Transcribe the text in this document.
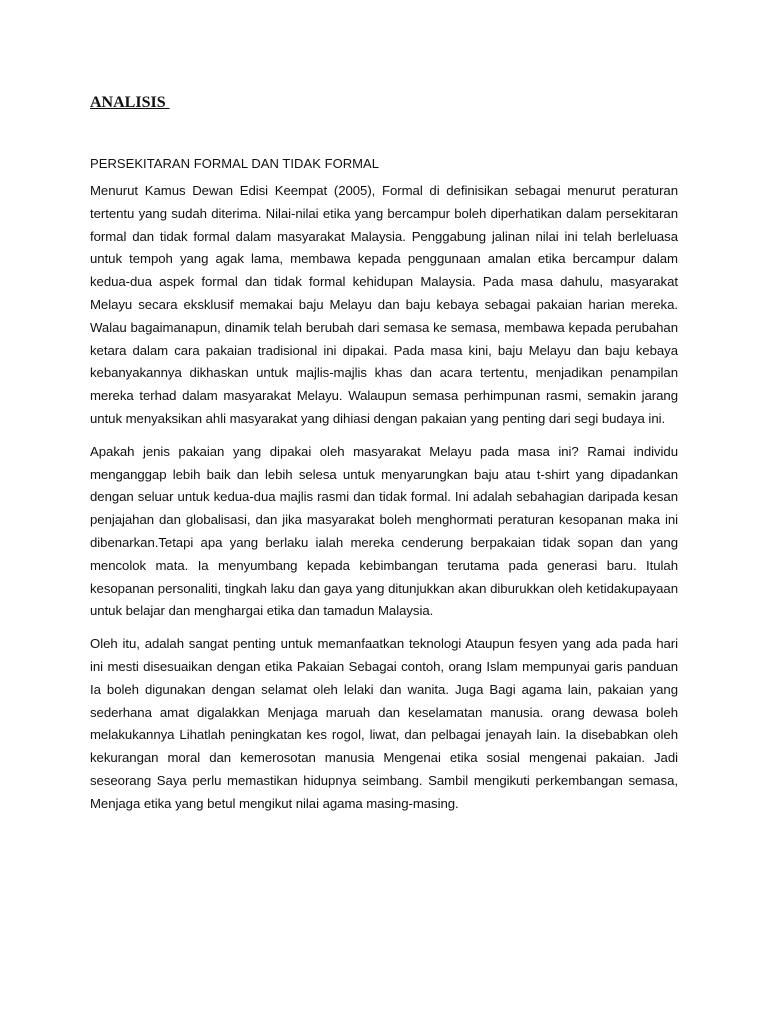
ANALISIS
PERSEKITARAN FORMAL DAN TIDAK FORMAL

Menurut Kamus Dewan Edisi Keempat (2005), Formal di definisikan sebagai menurut peraturan tertentu yang sudah diterima. Nilai-nilai etika yang bercampur boleh diperhatikan dalam persekitaran formal dan tidak formal dalam masyarakat Malaysia. Penggabung jalinan nilai ini telah berleluasa untuk tempoh yang agak lama, membawa kepada penggunaan amalan etika bercampur dalam kedua-dua aspek formal dan tidak formal kehidupan Malaysia. Pada masa dahulu, masyarakat Melayu secara eksklusif memakai baju Melayu dan baju kebaya sebagai pakaian harian mereka. Walau bagaimanapun, dinamik telah berubah dari semasa ke semasa, membawa kepada perubahan ketara dalam cara pakaian tradisional ini dipakai. Pada masa kini, baju Melayu dan baju kebaya kebanyakannya dikhaskan untuk majlis-majlis khas dan acara tertentu, menjadikan penampilan mereka terhad dalam masyarakat Melayu. Walaupun semasa perhimpunan rasmi, semakin jarang untuk menyaksikan ahli masyarakat yang dihiasi dengan pakaian yang penting dari segi budaya ini.

Apakah jenis pakaian yang dipakai oleh masyarakat Melayu pada masa ini? Ramai individu menganggap lebih baik dan lebih selesa untuk menyarungkan baju atau t-shirt yang dipadankan dengan seluar untuk kedua-dua majlis rasmi dan tidak formal. Ini adalah sebahagian daripada kesan penjajahan dan globalisasi, dan jika masyarakat boleh menghormati peraturan kesopanan maka ini dibenarkan.Tetapi apa yang berlaku ialah mereka cenderung berpakaian tidak sopan dan yang mencolok mata. Ia menyumbang kepada kebimbangan terutama pada generasi baru. Itulah kesopanan personaliti, tingkah laku dan gaya yang ditunjukkan akan diburukkan oleh ketidakupayaan untuk belajar dan menghargai etika dan tamadun Malaysia.

Oleh itu, adalah sangat penting untuk memanfaatkan teknologi Ataupun fesyen yang ada pada hari ini mesti disesuaikan dengan etika Pakaian Sebagai contoh, orang Islam mempunyai garis panduan Ia boleh digunakan dengan selamat oleh lelaki dan wanita. Juga Bagi agama lain, pakaian yang sederhana amat digalakkan Menjaga maruah dan keselamatan manusia. orang dewasa boleh melakukannya Lihatlah peningkatan kes rogol, liwat, dan pelbagai jenayah lain. Ia disebabkan oleh kekurangan moral dan kemerosotan manusia Mengenai etika sosial mengenai pakaian. Jadi seseorang Saya perlu memastikan hidupnya seimbang. Sambil mengikuti perkembangan semasa, Menjaga etika yang betul mengikut nilai agama masing-masing.
